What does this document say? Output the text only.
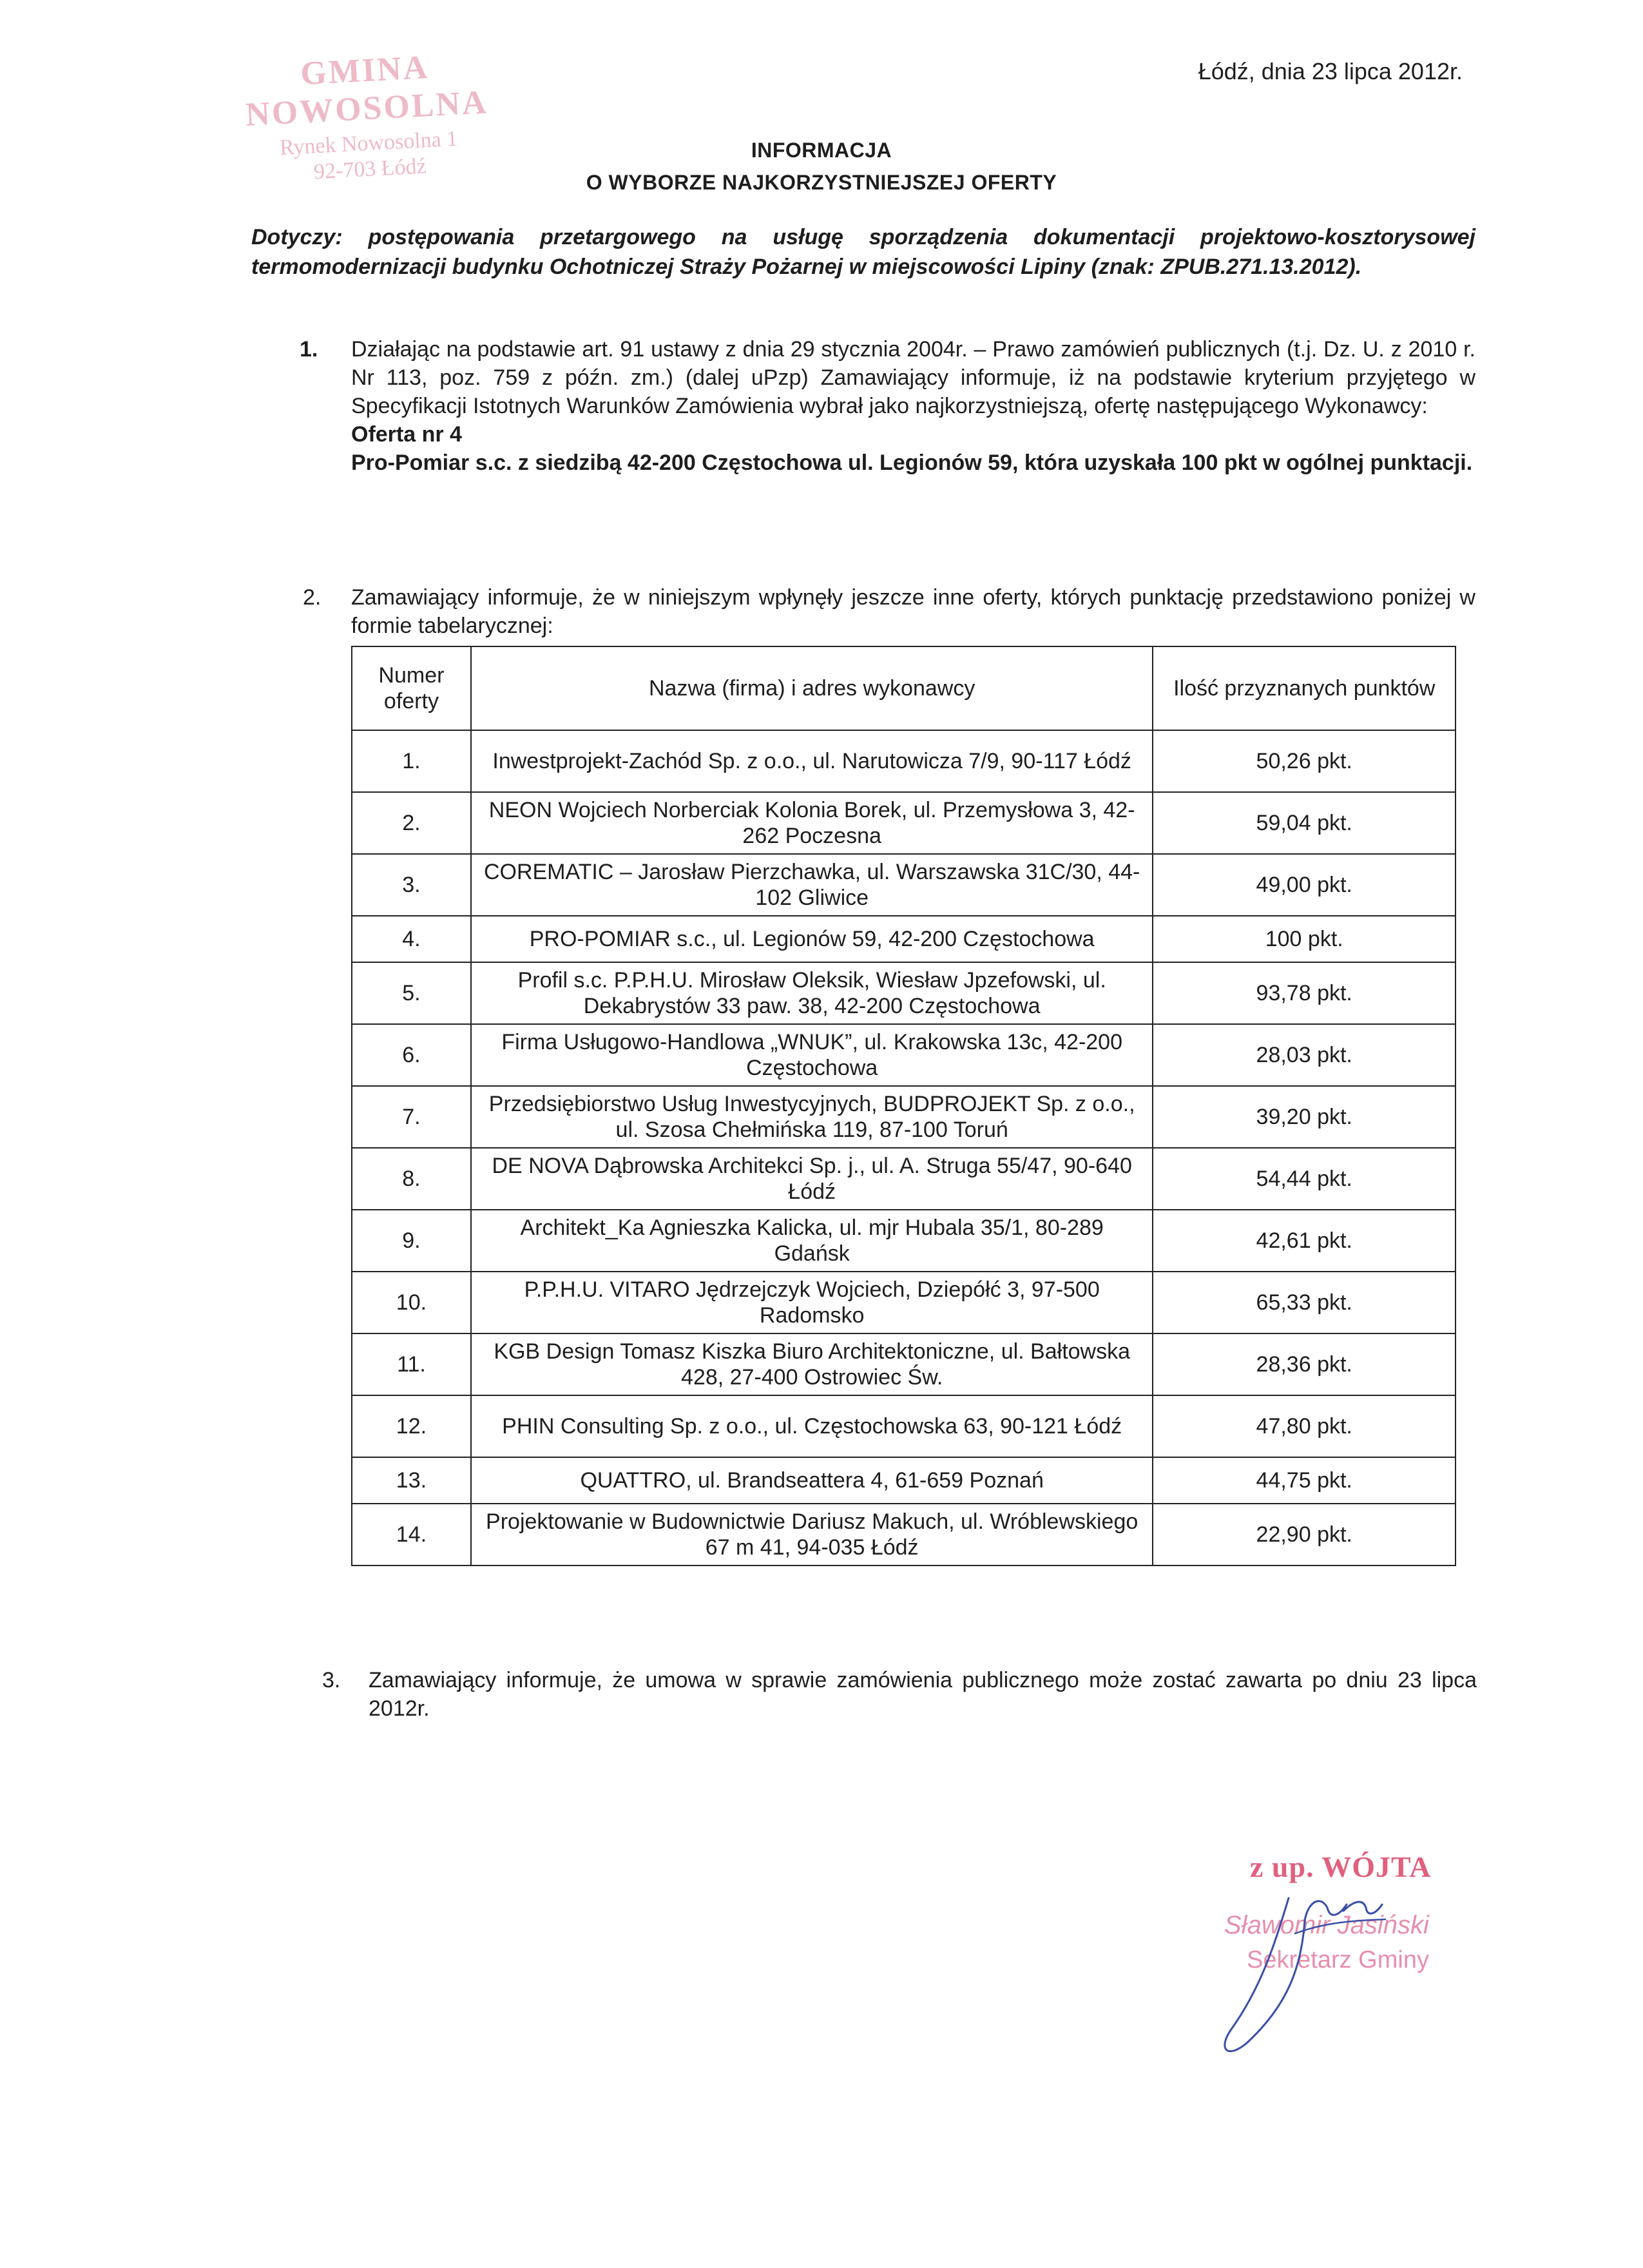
GMINA NOWOSOLNA
Rynek Nowosolna 1
92-703 Łódź
Łódź, dnia 23 lipca 2012r.
INFORMACJA
O WYBORZE NAJKORZYSTNIEJSZEJ OFERTY
Dotyczy: postępowania przetargowego na usługę sporządzenia dokumentacji projektowo-kosztorysowej termomodernizacji budynku Ochotniczej Straży Pożarnej w miejscowości Lipiny (znak: ZPUB.271.13.2012).
1. Działając na podstawie art. 91 ustawy z dnia 29 stycznia 2004r. – Prawo zamówień publicznych (t.j. Dz. U. z 2010 r. Nr 113, poz. 759 z późn. zm.) (dalej uPzp) Zamawiający informuje, iż na podstawie kryterium przyjętego w Specyfikacji Istotnych Warunków Zamówienia wybrał jako najkorzystniejszą, ofertę następującego Wykonawcy:
Oferta nr 4
Pro-Pomiar s.c. z siedzibą 42-200 Częstochowa ul. Legionów 59, która uzyskała 100 pkt w ogólnej punktacji.
2. Zamawiający informuje, że w niniejszym wpłynęły jeszcze inne oferty, których punktację przedstawiono poniżej w formie tabelarycznej:
Numer oferty	Nazwa (firma) i adres wykonawcy	Ilość przyznanych punktów
1.	Inwestprojekt-Zachód Sp. z o.o., ul. Narutowicza 7/9, 90-117 Łódź	50,26 pkt.
2.	NEON Wojciech Norberciak Kolonia Borek, ul. Przemysłowa 3, 42-262 Poczesna	59,04 pkt.
3.	COREMATIC – Jarosław Pierzchawka, ul. Warszawska 31C/30, 44-102 Gliwice	49,00 pkt.
4.	PRO-POMIAR s.c., ul. Legionów 59, 42-200 Częstochowa	100 pkt.
5.	Profil s.c. P.P.H.U. Mirosław Oleksik, Wiesław Jpzefowski, ul. Dekabrystów 33 paw. 38, 42-200 Częstochowa	93,78 pkt.
6.	Firma Usługowo-Handlowa „WNUK”, ul. Krakowska 13c, 42-200 Częstochowa	28,03 pkt.
7.	Przedsiębiorstwo Usług Inwestycyjnych, BUDPROJEKT Sp. z o.o., ul. Szosa Chełmińska 119, 87-100 Toruń	39,20 pkt.
8.	DE NOVA Dąbrowska Architekci Sp. j., ul. A. Struga 55/47, 90-640 Łódź	54,44 pkt.
9.	Architekt_Ka Agnieszka Kalicka, ul. mjr Hubala 35/1, 80-289 Gdańsk	42,61 pkt.
10.	P.P.H.U. VITARO Jędrzejczyk Wojciech, Dziepółć 3, 97-500 Radomsko	65,33 pkt.
11.	KGB Design Tomasz Kiszka Biuro Architektoniczne, ul. Bałtowska 428, 27-400 Ostrowiec Św.	28,36 pkt.
12.	PHIN Consulting Sp. z o.o., ul. Częstochowska 63, 90-121 Łódź	47,80 pkt.
13.	QUATTRO, ul. Brandseattera 4, 61-659 Poznań	44,75 pkt.
14.	Projektowanie w Budownictwie Dariusz Makuch, ul. Wróblewskiego 67 m 41, 94-035 Łódź	22,90 pkt.
3. Zamawiający informuje, że umowa w sprawie zamówienia publicznego może zostać zawarta po dniu 23 lipca 2012r.
z up. WÓJTA
Sławomir Jasiński
Sekretarz Gminy
